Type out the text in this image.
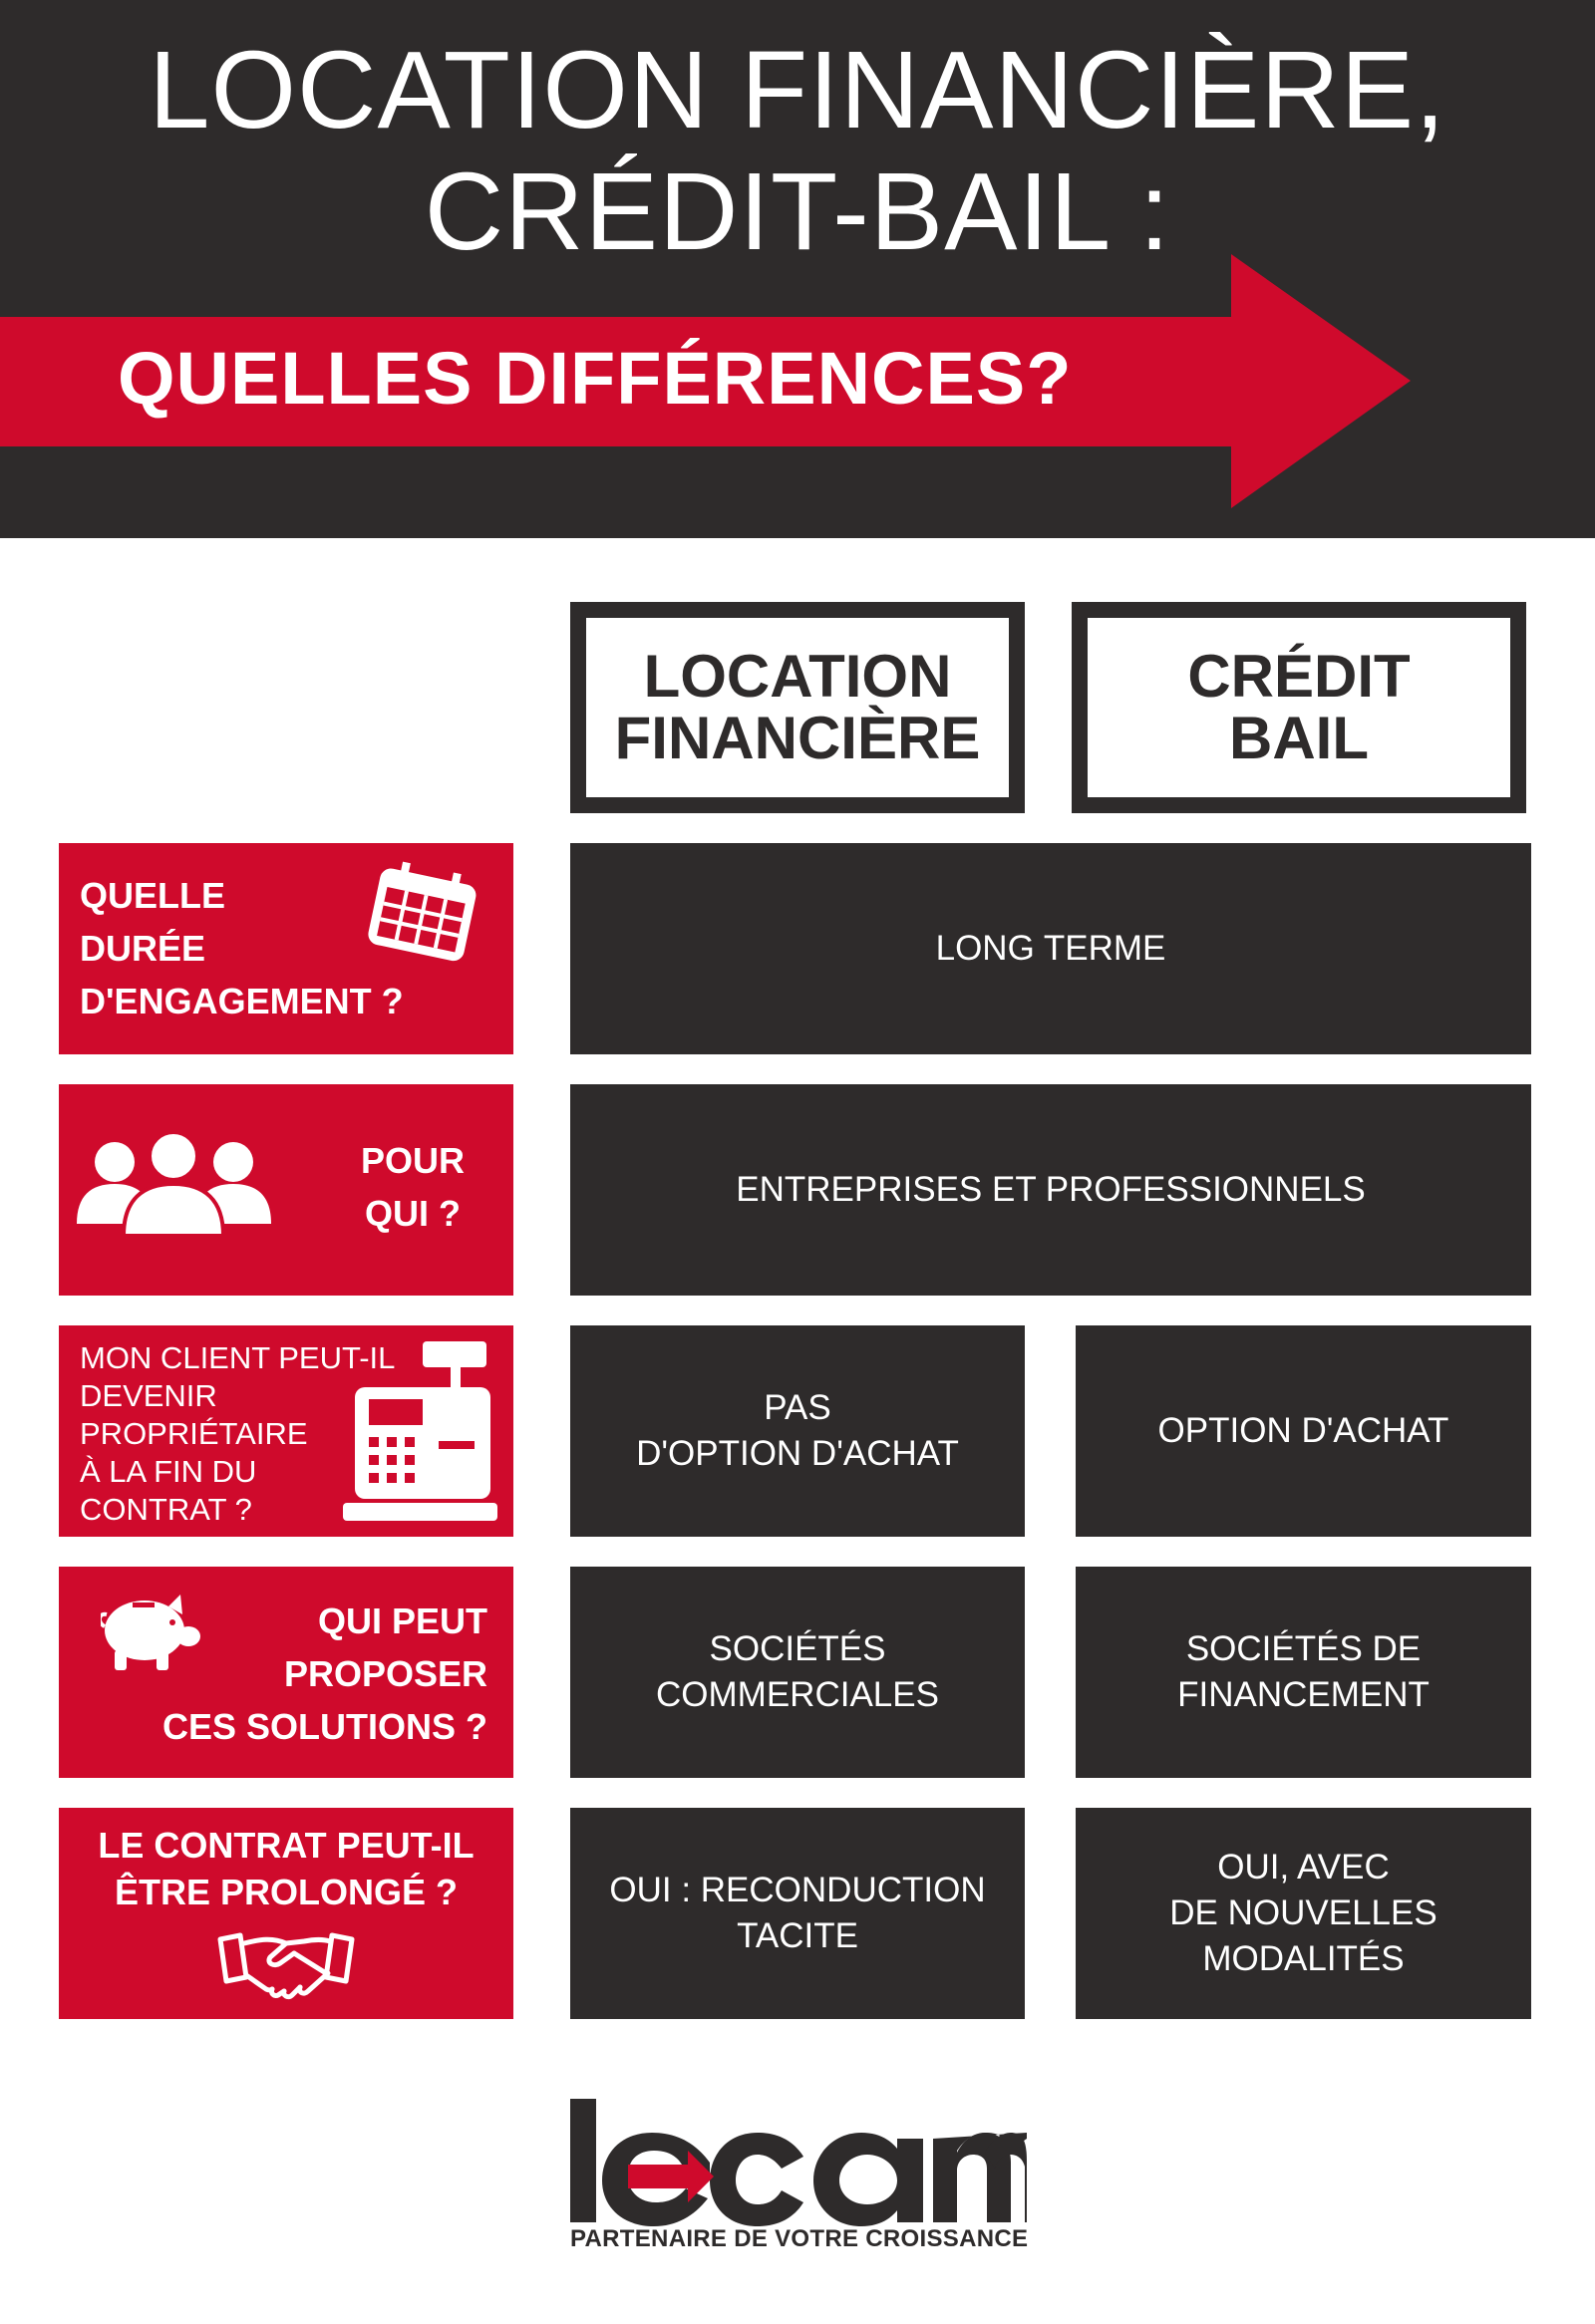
LOCATION FINANCIÈRE,
CRÉDIT-BAIL :
QUELLES DIFFÉRENCES?
LOCATION
FINANCIÈRE
CRÉDIT
BAIL
QUELLE
DURÉE
D'ENGAGEMENT ?
LONG TERME
POUR
QUI ?
ENTREPRISES ET PROFESSIONNELS
MON CLIENT PEUT-IL
DEVENIR
PROPRIÉTAIRE
À LA FIN DU
CONTRAT ?
PAS
D'OPTION D'ACHAT
OPTION D'ACHAT
QUI PEUT
PROPOSER
CES SOLUTIONS ?
SOCIÉTÉS
COMMERCIALES
SOCIÉTÉS DE
FINANCEMENT
LE CONTRAT PEUT-IL
ÊTRE PROLONGÉ ?	OUI : RECONDUCTION
TACITE
OUI, AVEC
DE NOUVELLES
MODALITÉS
PARTENAIRE DE VOTRE CROISSANCE
